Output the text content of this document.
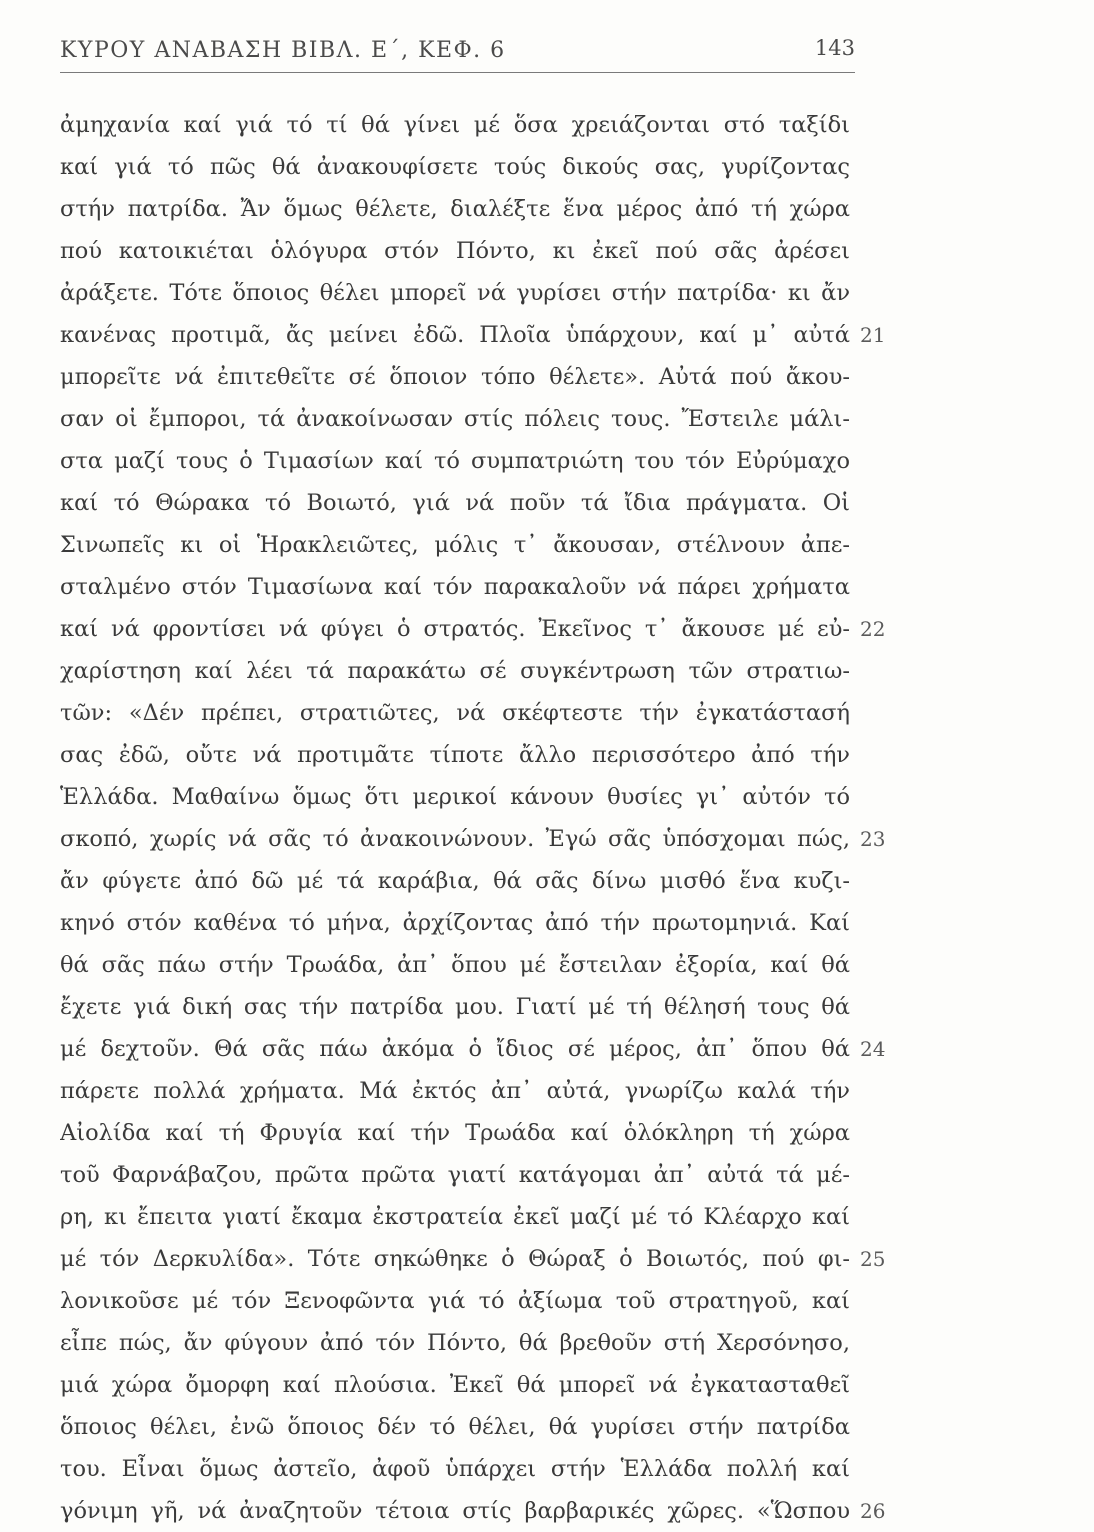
ΚΥΡΟΥ ΑΝΑΒΑΣΗ ΒΙΒΛ. Ε΄, ΚΕΦ. 6	143
ἀμηχανία καί γιά τό τί θά γίνει μέ ὅσα χρειάζονται στό ταξίδι
καί γιά τό πῶς θά ἀνακουφίσετε τούς δικούς σας, γυρίζοντας
στήν πατρίδα. Ἄν ὅμως θέλετε, διαλέξτε ἕνα μέρος ἀπό τή χώρα
πού κατοικιέται ὁλόγυρα στόν Πόντο, κι ἐκεῖ πού σᾶς ἀρέσει
ἀράξετε. Τότε ὅποιος θέλει μπορεῖ νά γυρίσει στήν πατρίδα· κι ἄν
κανένας προτιμᾶ, ἄς μείνει ἐδῶ. Πλοῖα ὑπάρχουν, καί μ᾽ αὐτά 21
μπορεῖτε νά ἐπιτεθεῖτε σέ ὅποιον τόπο θέλετε». Αὐτά πού ἄκου-
σαν οἱ ἔμποροι, τά ἀνακοίνωσαν στίς πόλεις τους. Ἔστειλε μάλι-
στα μαζί τους ὁ Τιμασίων καί τό συμπατριώτη του τόν Εὐρύμαχο
καί τό Θώρακα τό Βοιωτό, γιά νά ποῦν τά ἴδια πράγματα. Οἱ
Σινωπεῖς κι οἱ Ἡρακλειῶτες, μόλις τ᾽ ἄκουσαν, στέλνουν ἀπε-
σταλμένο στόν Τιμασίωνα καί τόν παρακαλοῦν νά πάρει χρήματα
καί νά φροντίσει νά φύγει ὁ στρατός. Ἐκεῖνος τ᾽ ἄκουσε μέ εὐ- 22
χαρίστηση καί λέει τά παρακάτω σέ συγκέντρωση τῶν στρατιω-
τῶν: «Δέν πρέπει, στρατιῶτες, νά σκέφτεστε τήν ἐγκατάστασή
σας ἐδῶ, οὔτε νά προτιμᾶτε τίποτε ἄλλο περισσότερο ἀπό τήν
Ἑλλάδα. Μαθαίνω ὅμως ὅτι μερικοί κάνουν θυσίες γι᾽ αὐτόν τό
σκοπό, χωρίς νά σᾶς τό ἀνακοινώνουν. Ἐγώ σᾶς ὑπόσχομαι πώς, 23
ἄν φύγετε ἀπό δῶ μέ τά καράβια, θά σᾶς δίνω μισθό ἕνα κυζι-
κηνό στόν καθένα τό μήνα, ἀρχίζοντας ἀπό τήν πρωτομηνιά. Καί
θά σᾶς πάω στήν Τρωάδα, ἀπ᾽ ὅπου μέ ἔστειλαν ἐξορία, καί θά
ἔχετε γιά δική σας τήν πατρίδα μου. Γιατί μέ τή θέλησή τους θά
μέ δεχτοῦν. Θά σᾶς πάω ἀκόμα ὁ ἴδιος σέ μέρος, ἀπ᾽ ὅπου θά 24
πάρετε πολλά χρήματα. Μά ἐκτός ἀπ᾽ αὐτά, γνωρίζω καλά τήν
Αἰολίδα καί τή Φρυγία καί τήν Τρωάδα καί ὁλόκληρη τή χώρα
τοῦ Φαρνάβαζου, πρῶτα πρῶτα γιατί κατάγομαι ἀπ᾽ αὐτά τά μέ-
ρη, κι ἔπειτα γιατί ἔκαμα ἐκστρατεία ἐκεῖ μαζί μέ τό Κλέαρχο καί
μέ τόν Δερκυλίδα». Τότε σηκώθηκε ὁ Θώραξ ὁ Βοιωτός, πού φι- 25
λονικοῦσε μέ τόν Ξενοφῶντα γιά τό ἀξίωμα τοῦ στρατηγοῦ, καί
εἶπε πώς, ἄν φύγουν ἀπό τόν Πόντο, θά βρεθοῦν στή Χερσόνησο,
μιά χώρα ὄμορφη καί πλούσια. Ἐκεῖ θά μπορεῖ νά ἐγκατασταθεῖ
ὅποιος θέλει, ἐνῶ ὅποιος δέν τό θέλει, θά γυρίσει στήν πατρίδα
του. Εἶναι ὅμως ἀστεῖο, ἀφοῦ ὑπάρχει στήν Ἑλλάδα πολλή καί
γόνιμη γῆ, νά ἀναζητοῦν τέτοια στίς βαρβαρικές χῶρες. «Ὥσπου 26
